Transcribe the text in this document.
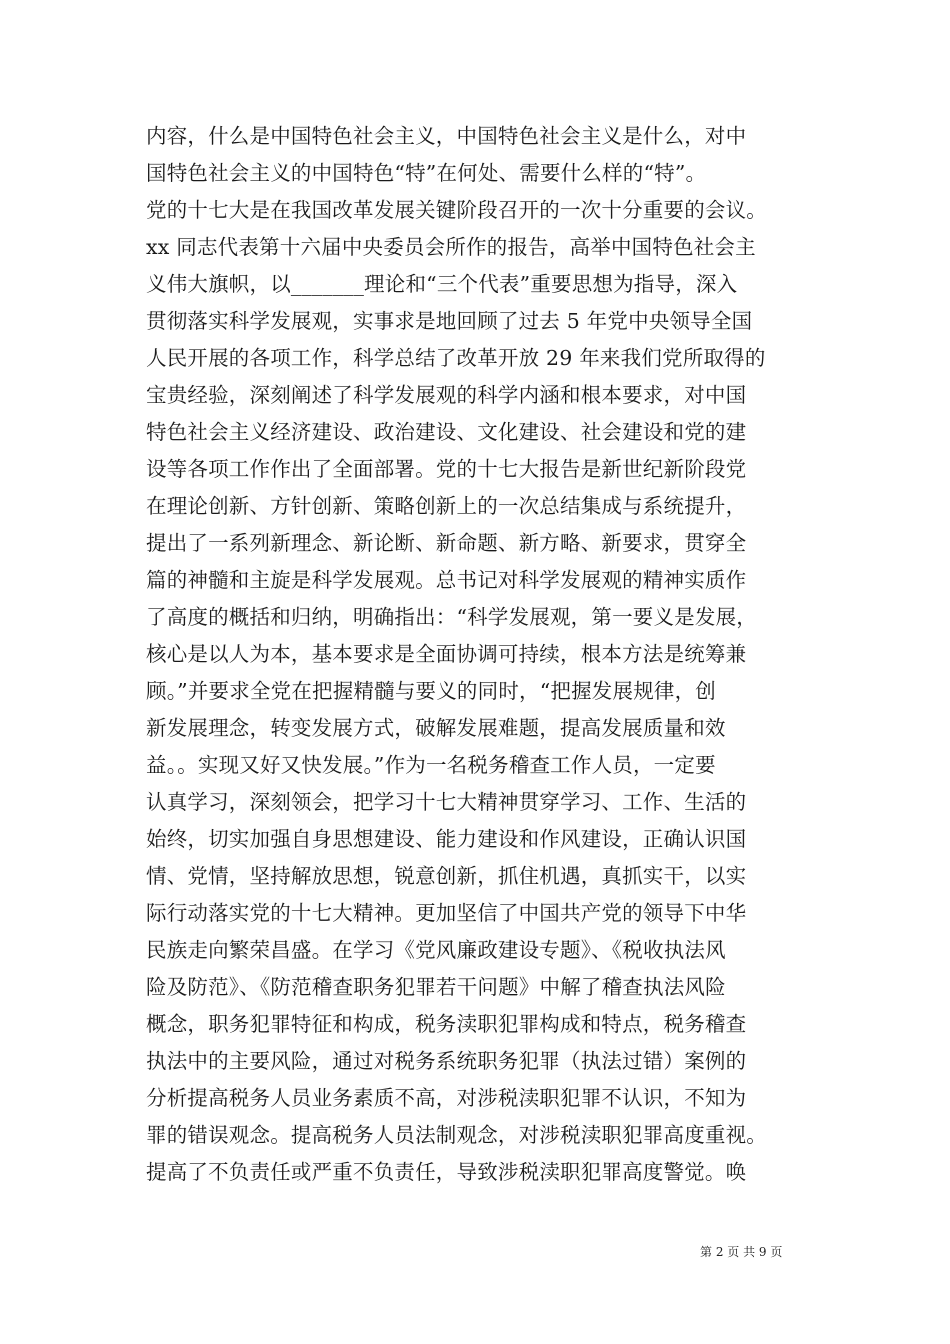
内容，什么是中国特色社会主义，中国特色社会主义是什么，对中
国特色社会主义的中国特色“特”在何处、需要什么样的“特”。
党的十七大是在我国改革发展关键阶段召开的一次十分重要的会议。
xx 同志代表第十六届中央委员会所作的报告，高举中国特色社会主
义伟大旗帜，以_______理论和“三个代表”重要思想为指导，深入
贯彻落实科学发展观，实事求是地回顾了过去 5 年党中央领导全国
人民开展的各项工作，科学总结了改革开放 29 年来我们党所取得的
宝贵经验，深刻阐述了科学发展观的科学内涵和根本要求，对中国
特色社会主义经济建设、政治建设、文化建设、社会建设和党的建
设等各项工作作出了全面部署。党的十七大报告是新世纪新阶段党
在理论创新、方针创新、策略创新上的一次总结集成与系统提升，
提出了一系列新理念、新论断、新命题、新方略、新要求，贯穿全
篇的神髓和主旋是科学发展观。总书记对科学发展观的精神实质作
了高度的概括和归纳，明确指出：“科学发展观，第一要义是发展，
核心是以人为本，基本要求是全面协调可持续，根本方法是统筹兼
顾。”并要求全党在把握精髓与要义的同时，“把握发展规律，创
新发展理念，转变发展方式，破解发展难题，提高发展质量和效
益。。实现又好又快发展。”作为一名税务稽查工作人员，一定要
认真学习，深刻领会，把学习十七大精神贯穿学习、工作、生活的
始终，切实加强自身思想建设、能力建设和作风建设，正确认识国
情、党情，坚持解放思想，锐意创新，抓住机遇，真抓实干，以实
际行动落实党的十七大精神。更加坚信了中国共产党的领导下中华
民族走向繁荣昌盛。在学习《党风廉政建设专题》、《税收执法风
险及防范》、《防范稽查职务犯罪若干问题》中解了稽查执法风险
概念，职务犯罪特征和构成，税务渎职犯罪构成和特点，税务稽查
执法中的主要风险，通过对税务系统职务犯罪（执法过错）案例的
分析提高税务人员业务素质不高，对涉税渎职犯罪不认识，不知为
罪的错误观念。提高税务人员法制观念，对涉税渎职犯罪高度重视。
提高了不负责任或严重不负责任，导致涉税渎职犯罪高度警觉。唤
第 2 页 共 9 页
